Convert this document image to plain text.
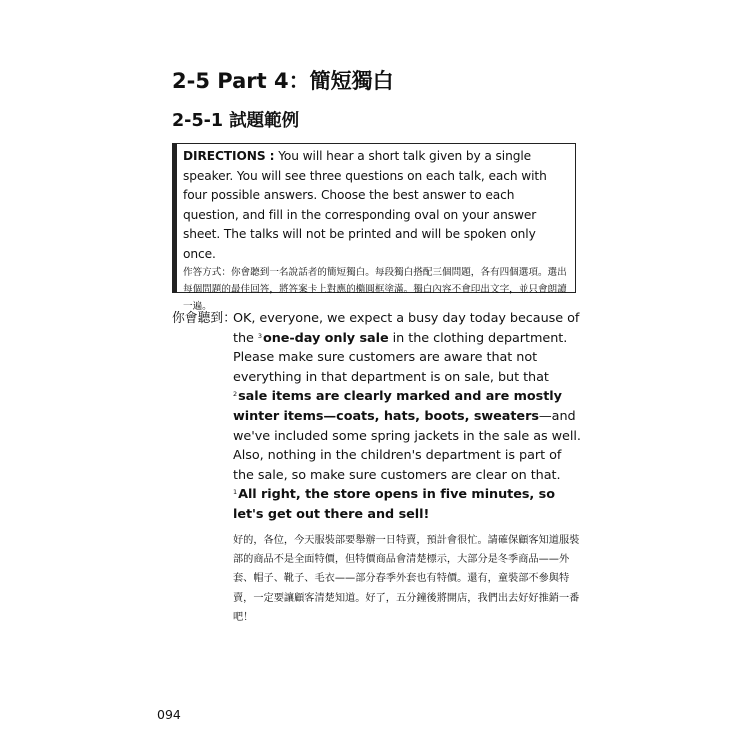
2-5 Part 4：簡短獨白
2-5-1 試題範例

DIRECTIONS : You will hear a short talk given by a single speaker. You will see three questions on each talk, each with four possible answers. Choose the best answer to each question, and fill in the corresponding oval on your answer sheet. The talks will not be printed and will be spoken only once.

作答方式：你會聽到一名說話者的簡短獨白。每段獨白搭配三個問題，各有四個選項。選出每個問題的最佳回答，將答案卡上對應的橢圓框塗滿。獨白內容不會印出文字，並只會朗讀一遍。

你會聽到：

OK, everyone, we expect a busy day today because of the $^3$one-day only sale in the clothing department. Please make sure customers are aware that not everything in that department is on sale, but that $^2$sale items are clearly marked and are mostly winter items—coats, hats, boots, sweaters—and we've included some spring jackets in the sale as well. Also, nothing in the children's department is part of the sale, so make sure customers are clear on that. $^1$All right, the store opens in five minutes, so let's get out there and sell!

好的，各位，今天服裝部要舉辦一日特賣，預計會很忙。請確保顧客知道服裝部的商品不是全面特價，但特價商品會清楚標示，大部分是冬季商品——外套、帽子、靴子、毛衣——部分春季外套也有特價。還有，童裝部不參與特賣，一定要讓顧客清楚知道。好了，五分鐘後將開店，我們出去好好推銷一番吧！

094
